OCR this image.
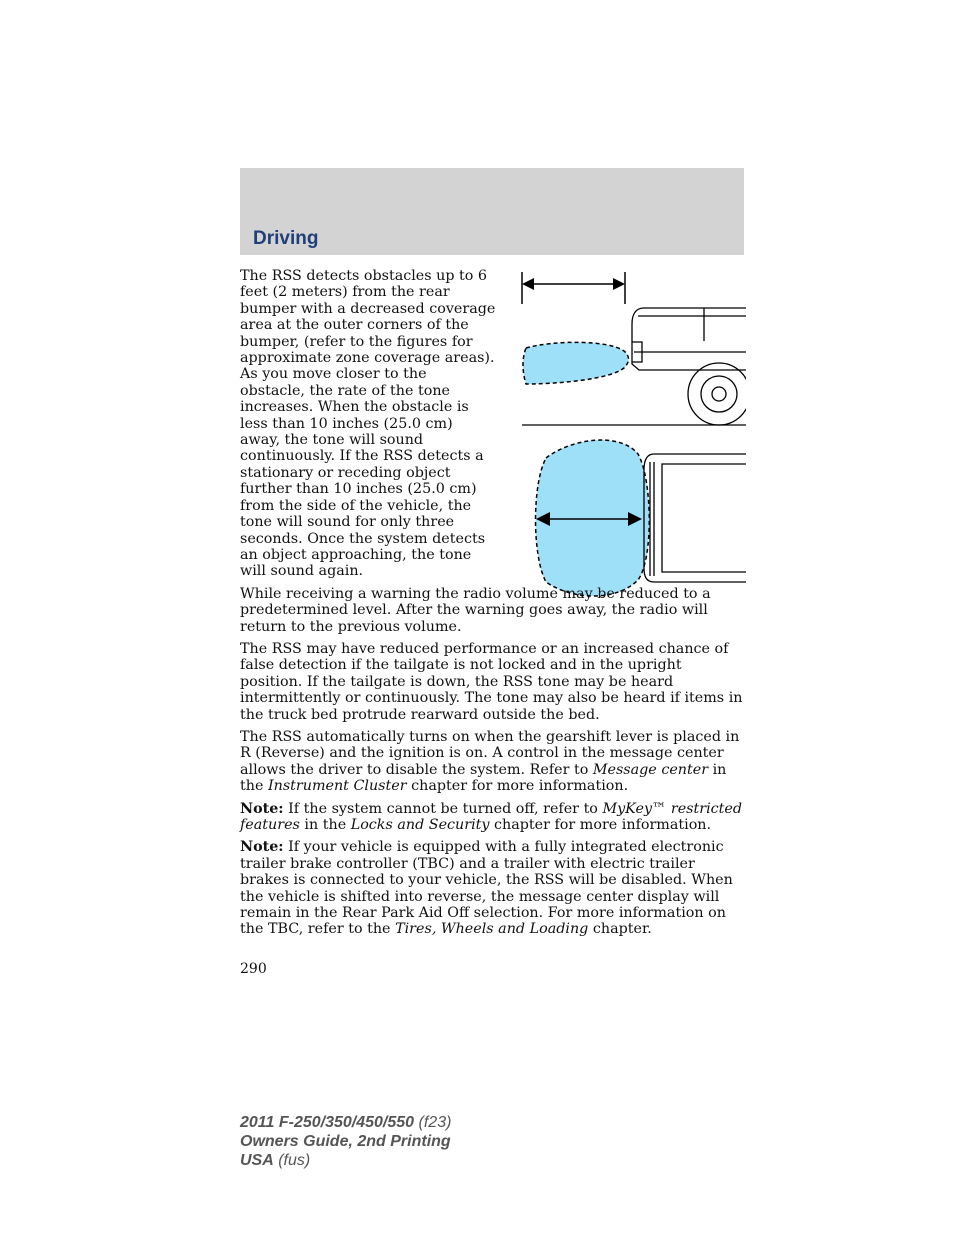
Driving

The RSS detects obstacles up to 6 feet (2 meters) from the rear bumper with a decreased coverage area at the outer corners of the bumper, (refer to the figures for approximate zone coverage areas). As you move closer to the obstacle, the rate of the tone increases. When the obstacle is less than 10 inches (25.0 cm) away, the tone will sound continuously. If the RSS detects a stationary or receding object further than 10 inches (25.0 cm) from the side of the vehicle, the tone will sound for only three seconds. Once the system detects an object approaching, the tone will sound again.

While receiving a warning the radio volume may be reduced to a predetermined level. After the warning goes away, the radio will return to the previous volume.

The RSS may have reduced performance or an increased chance of false detection if the tailgate is not locked and in the upright position. If the tailgate is down, the RSS tone may be heard intermittently or continuously. The tone may also be heard if items in the truck bed protrude rearward outside the bed.

The RSS automatically turns on when the gearshift lever is placed in R (Reverse) and the ignition is on. A control in the message center allows the driver to disable the system. Refer to Message center in the Instrument Cluster chapter for more information.

Note: If the system cannot be turned off, refer to MyKey™ restricted features in the Locks and Security chapter for more information.

Note: If your vehicle is equipped with a fully integrated electronic trailer brake controller (TBC) and a trailer with electric trailer brakes is connected to your vehicle, the RSS will be disabled. When the vehicle is shifted into reverse, the message center display will remain in the Rear Park Aid Off selection. For more information on the TBC, refer to the Tires, Wheels and Loading chapter.

290
2011 F-250/350/450/550 (f23)
Owners Guide, 2nd Printing
USA (fus)
